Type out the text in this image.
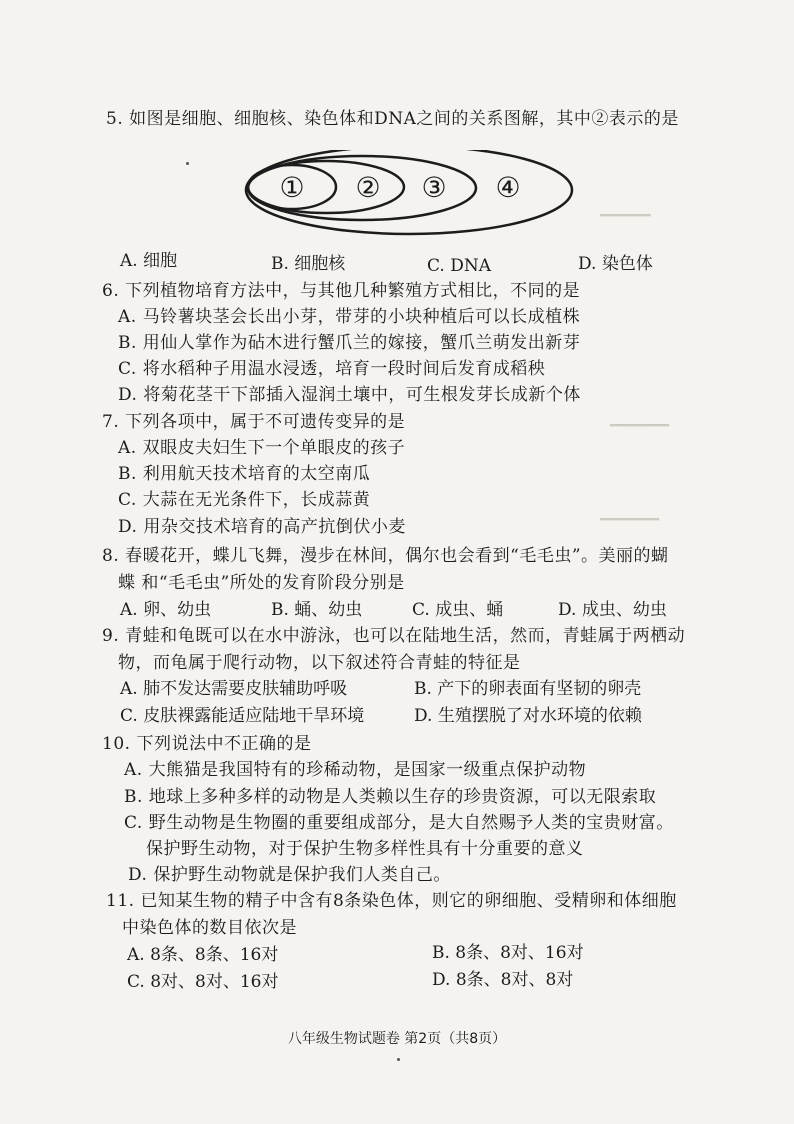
━━━━━━
━━━━━━━
━━━━━━━
5. 如图是细胞、细胞核、染色体和DNA之间的关系图解，其中②表示的是
① ② ③ ④
A. 细胞	B. 细胞核	C. DNA	D. 染色体
6. 下列植物培育方法中，与其他几种繁殖方式相比，不同的是
A. 马铃薯块茎会长出小芽，带芽的小块种植后可以长成植株
B. 用仙人掌作为砧木进行蟹爪兰的嫁接，蟹爪兰萌发出新芽
C. 将水稻种子用温水浸透，培育一段时间后发育成稻秧
D. 将菊花茎干下部插入湿润土壤中，可生根发芽长成新个体
7. 下列各项中，属于不可遗传变异的是
A. 双眼皮夫妇生下一个单眼皮的孩子
B. 利用航天技术培育的太空南瓜
C. 大蒜在无光条件下，长成蒜黄
D. 用杂交技术培育的高产抗倒伏小麦
8. 春暖花开，蝶儿飞舞，漫步在林间，偶尔也会看到“毛毛虫”。美丽的蝴
蝶 和“毛毛虫”所处的发育阶段分别是
A. 卵、幼虫	B. 蛹、幼虫	C. 成虫、蛹	D. 成虫、幼虫
9. 青蛙和龟既可以在水中游泳，也可以在陆地生活，然而，青蛙属于两栖动
物，而龟属于爬行动物，以下叙述符合青蛙的特征是
A. 肺不发达需要皮肤辅助呼吸	B. 产下的卵表面有坚韧的卵壳
C. 皮肤裸露能适应陆地干旱环境	D. 生殖摆脱了对水环境的依赖
10. 下列说法中不正确的是
A. 大熊猫是我国特有的珍稀动物，是国家一级重点保护动物
B. 地球上多种多样的动物是人类赖以生存的珍贵资源，可以无限索取
C. 野生动物是生物圈的重要组成部分，是大自然赐予人类的宝贵财富。
保护野生动物，对于保护生物多样性具有十分重要的意义
D. 保护野生动物就是保护我们人类自己。
11. 已知某生物的精子中含有8条染色体，则它的卵细胞、受精卵和体细胞
中染色体的数目依次是
A. 8条、8条、16对	B. 8条、8对、16对
C. 8对、8对、16对	D. 8条、8对、8对
八年级生物试题卷 第2页（共8页）
